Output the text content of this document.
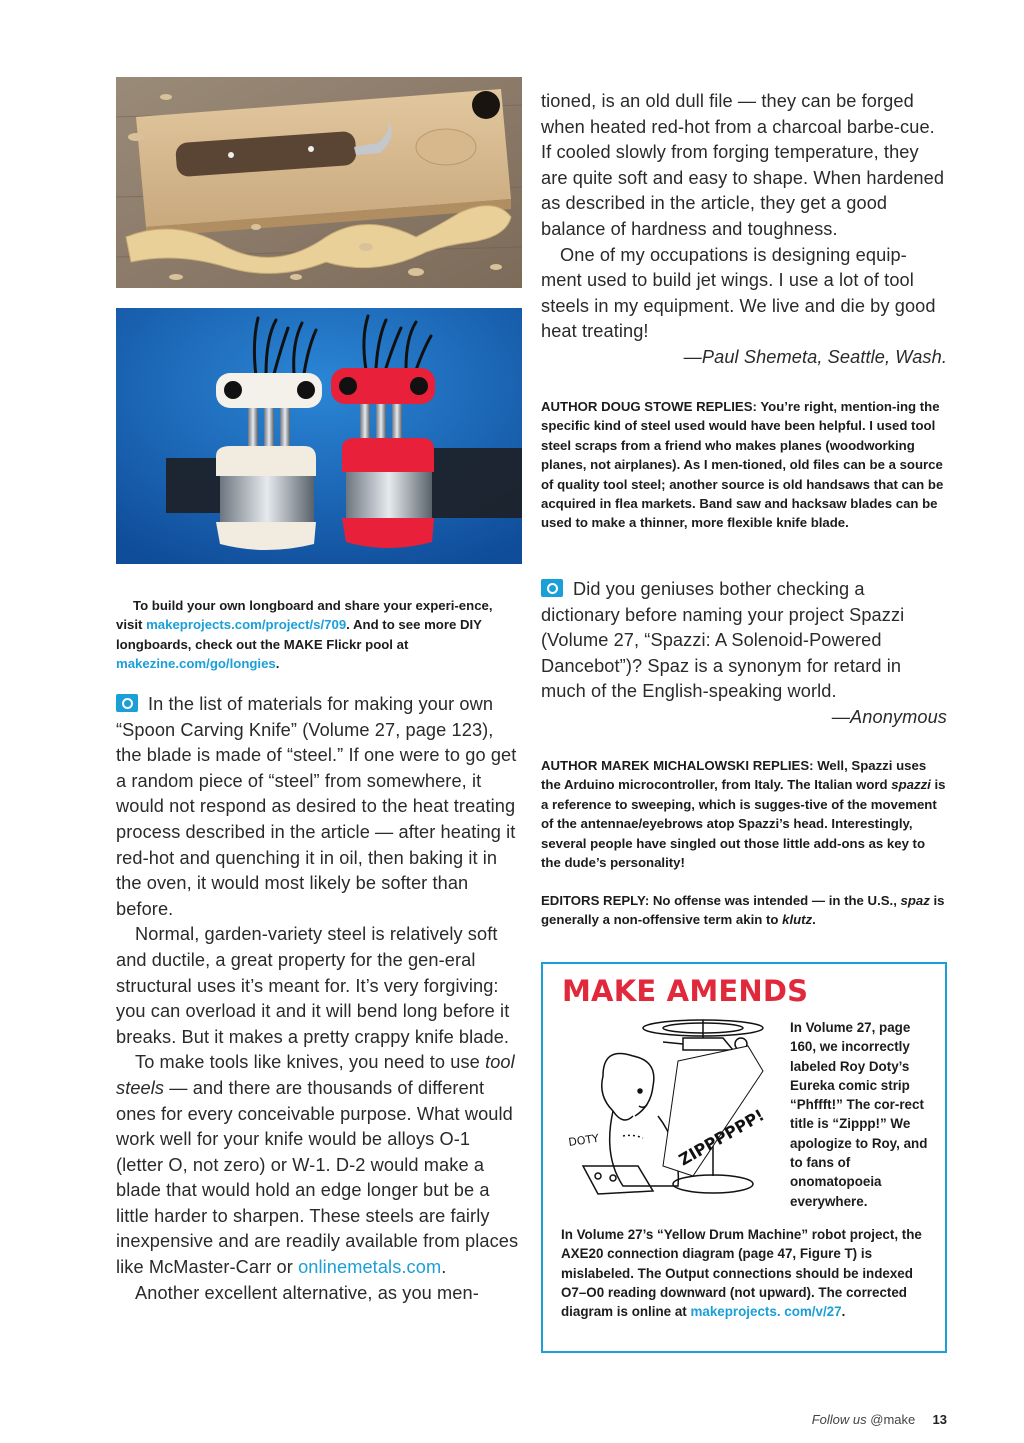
To build your own longboard and share your experi-ence, visit makeprojects.com/project/s/709. And to see more DIY longboards, check out the MAKE Flickr pool at makezine.com/go/longies.

In the list of materials for making your own “Spoon Carving Knife” (Volume 27, page 123), the blade is made of “steel.” If one were to go get a random piece of “steel” from somewhere, it would not respond as desired to the heat treating process described in the article — after heating it red-hot and quenching it in oil, then baking it in the oven, it would most likely be softer than before.

Normal, garden-variety steel is relatively soft and ductile, a great property for the gen-eral structural uses it’s meant for. It’s very forgiving: you can overload it and it will bend long before it breaks. But it makes a pretty crappy knife blade.

To make tools like knives, you need to use tool steels — and there are thousands of different ones for every conceivable purpose. What would work well for your knife would be alloys O-1 (letter O, not zero) or W-1. D-2 would make a blade that would hold an edge longer but be a little harder to sharpen. These steels are fairly inexpensive and are readily available from places like McMaster-Carr or onlinemetals.com.

Another excellent alternative, as you men-

tioned, is an old dull file — they can be forged when heated red-hot from a charcoal barbe-cue. If cooled slowly from forging temperature, they are quite soft and easy to shape. When hardened as described in the article, they get a good balance of hardness and toughness.

One of my occupations is designing equip-ment used to build jet wings. I use a lot of tool steels in my equipment. We live and die by good heat treating!

—Paul Shemeta, Seattle, Wash.

AUTHOR DOUG STOWE REPLIES: You’re right, mention-ing the specific kind of steel used would have been helpful. I used tool steel scraps from a friend who makes planes (woodworking planes, not airplanes). As I men-tioned, old files can be a source of quality tool steel; another source is old handsaws that can be acquired in flea markets. Band saw and hacksaw blades can be used to make a thinner, more flexible knife blade.

Did you geniuses bother checking a dictionary before naming your project Spazzi (Volume 27, “Spazzi: A Solenoid-Powered Dancebot”)? Spaz is a synonym for retard in much of the English-speaking world.

—Anonymous

AUTHOR MAREK MICHALOWSKI REPLIES: Well, Spazzi uses the Arduino microcontroller, from Italy. The Italian word spazzi is a reference to sweeping, which is sugges-tive of the movement of the antennae/eyebrows atop Spazzi’s head. Interestingly, several people have singled out those little add-ons as key to the dude’s personality!
EDITORS REPLY: No offense was intended — in the U.S., spaz is generally a non-offensive term akin to klutz.
MAKE AMENDS
ZIPPPPPP!
DOTY
In Volume 27, page 160, we incorrectly labeled Roy Doty’s Eureka comic strip “Phffft!” The cor-rect title is “Zippp!” We apologize to Roy, and to fans of onomatopoeia everywhere.
In Volume 27’s “Yellow Drum Machine” robot project, the AXE20 connection diagram (page 47, Figure T) is mislabeled. The Output connections should be indexed O7–O0 reading downward (not upward). The corrected diagram is online at makeprojects. com/v/27.
Follow us @make 13
